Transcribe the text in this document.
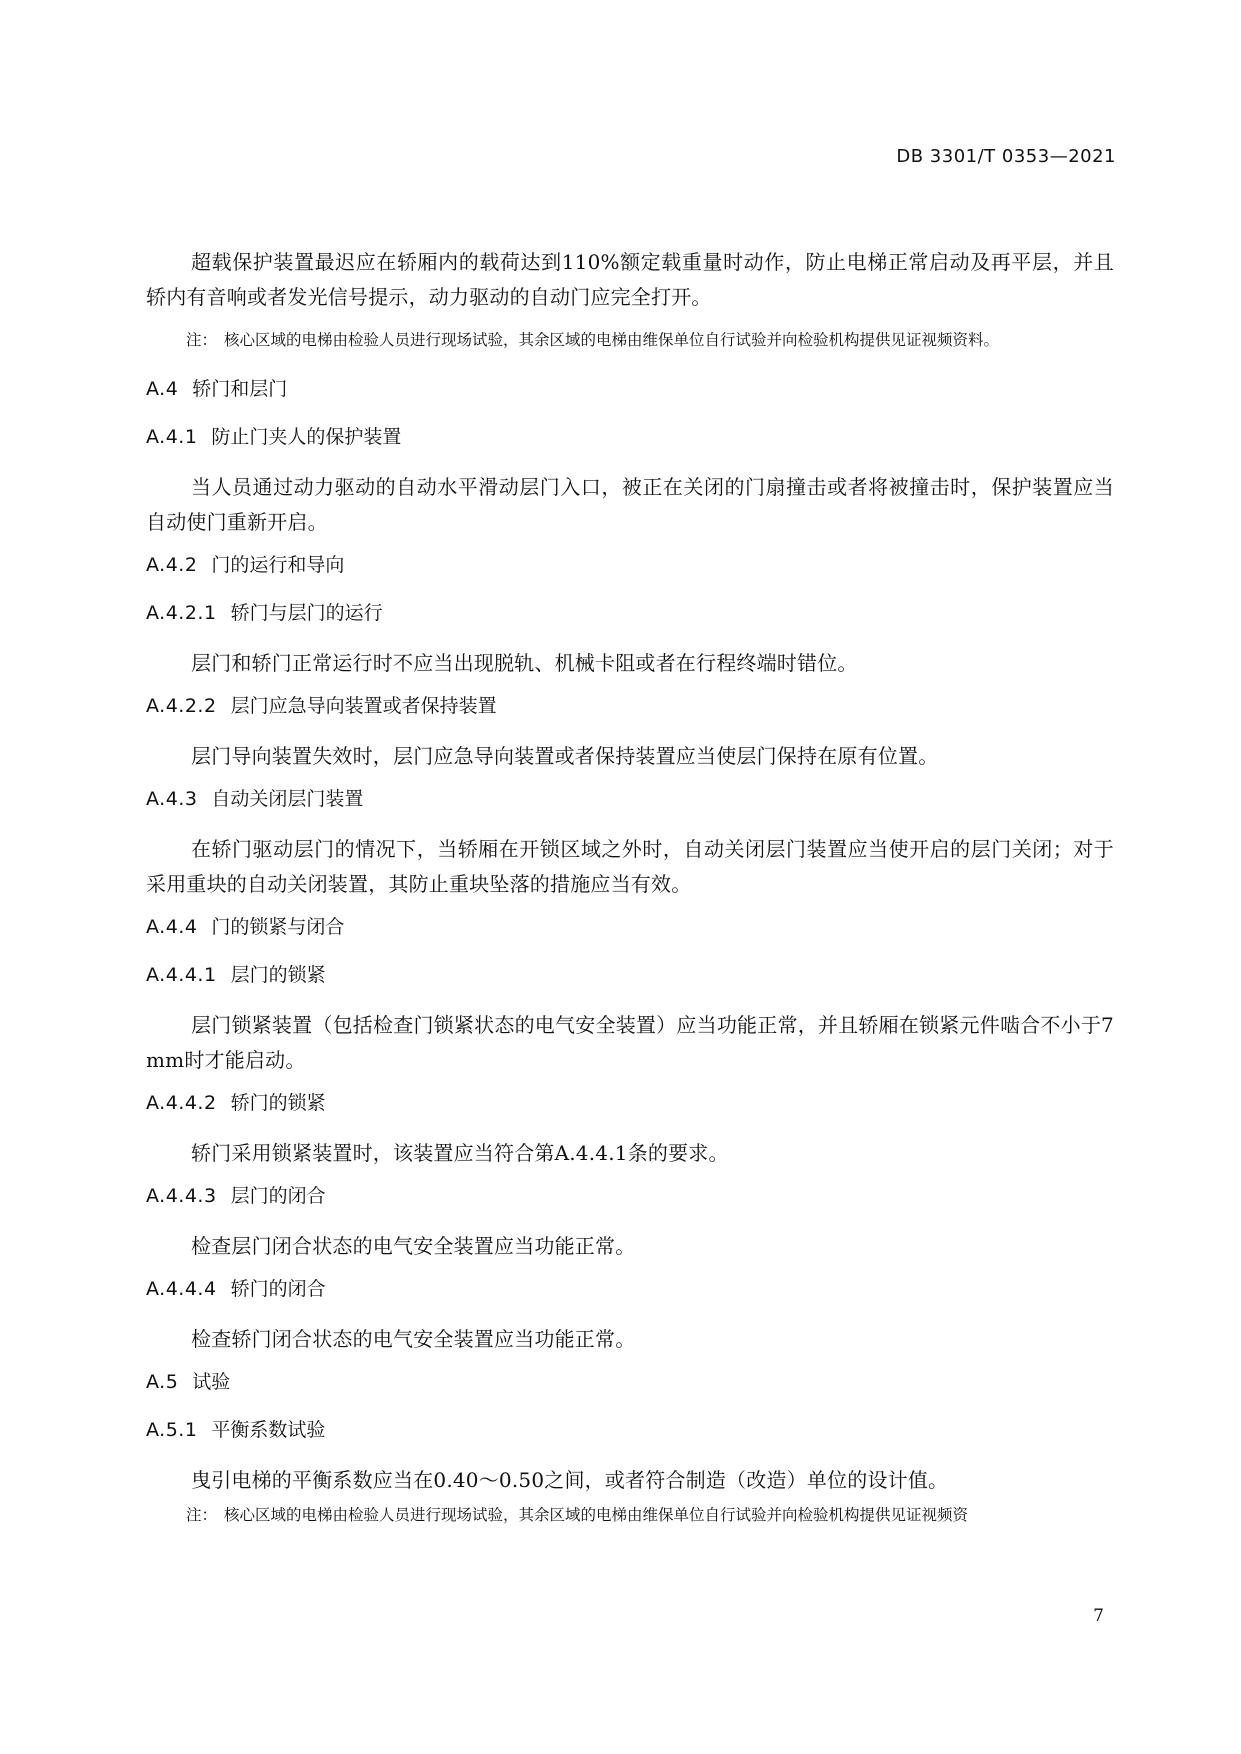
DB 3301/T 0353—2021

超载保护装置最迟应在轿厢内的载荷达到110%额定载重量时动作，防止电梯正常启动及再平层，并且轿内有音响或者发光信号提示，动力驱动的自动门应完全打开。

注： 核心区域的电梯由检验人员进行现场试验，其余区域的电梯由维保单位自行试验并向检验机构提供见证视频资料。
A.4 轿门和层门
A.4.1 防止门夹人的保护装置

当人员通过动力驱动的自动水平滑动层门入口，被正在关闭的门扇撞击或者将被撞击时，保护装置应当自动使门重新开启。

A.4.2 门的运行和导向
A.4.2.1 轿门与层门的运行

层门和轿门正常运行时不应当出现脱轨、机械卡阻或者在行程终端时错位。

A.4.2.2 层门应急导向装置或者保持装置

层门导向装置失效时，层门应急导向装置或者保持装置应当使层门保持在原有位置。

A.4.3 自动关闭层门装置

在轿门驱动层门的情况下，当轿厢在开锁区域之外时，自动关闭层门装置应当使开启的层门关闭；对于采用重块的自动关闭装置，其防止重块坠落的措施应当有效。

A.4.4 门的锁紧与闭合
A.4.4.1 层门的锁紧

层门锁紧装置（包括检查门锁紧状态的电气安全装置）应当功能正常，并且轿厢在锁紧元件啮合不小于7 mm时才能启动。

A.4.4.2 轿门的锁紧

轿门采用锁紧装置时，该装置应当符合第A.4.4.1条的要求。

A.4.4.3 层门的闭合

检查层门闭合状态的电气安全装置应当功能正常。

A.4.4.4 轿门的闭合

检查轿门闭合状态的电气安全装置应当功能正常。

A.5 试验
A.5.1 平衡系数试验

曳引电梯的平衡系数应当在0.40～0.50之间，或者符合制造（改造）单位的设计值。

注： 核心区域的电梯由检验人员进行现场试验，其余区域的电梯由维保单位自行试验并向检验机构提供见证视频资
7
